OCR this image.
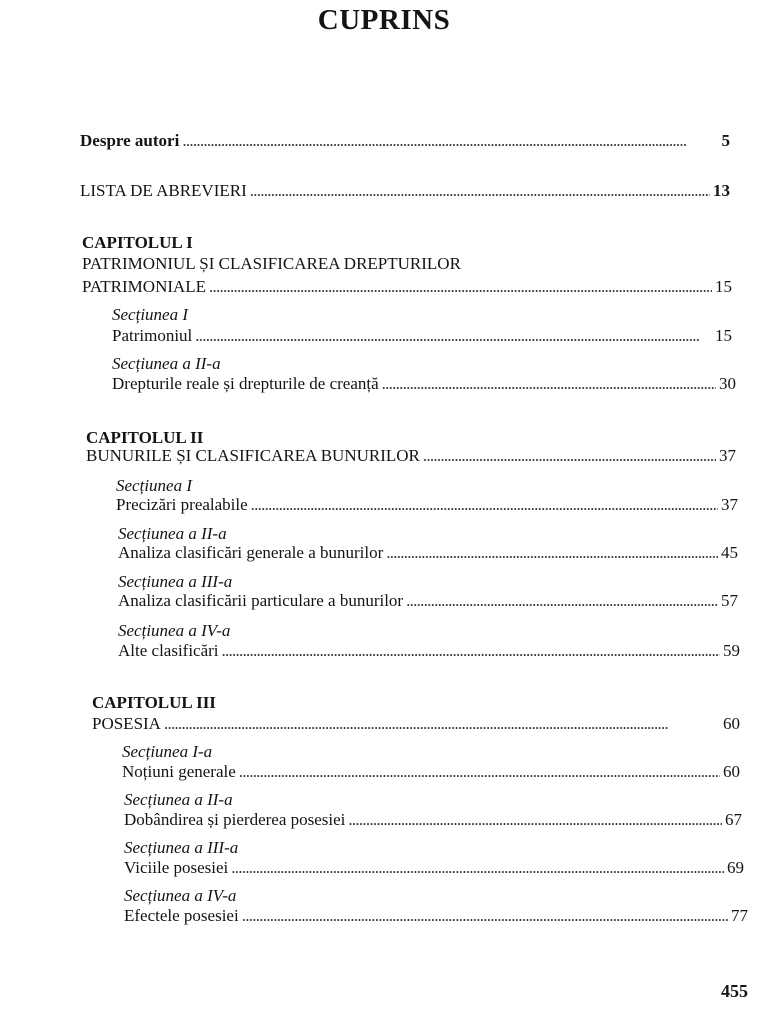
CUPRINS
Despre autori . . .	5
LISTA DE ABREVIERI . . .	13
CAPITOLUL I
PATRIMONIUL ȘI CLASIFICAREA DREPTURILOR
PATRIMONIALE . . .	15
Secțiunea I
Patrimoniul . . .	15
Secțiunea a II-a
Drepturile reale și drepturile de creanță . . .	30
CAPITOLUL II
BUNURILE ȘI CLASIFICAREA BUNURILOR . . .	37
Secțiunea I
Precizări prealabile . . .	37
Secțiunea a II-a
Analiza clasificări generale a bunurilor . . .	45
Secțiunea a III-a
Analiza clasificării particulare a bunurilor . . .	57
Secțiunea a IV-a
Alte clasificări . . .	59
CAPITOLUL III
POSESIA . . .	60
Secțiunea I-a
Noțiuni generale . . .	60
Secțiunea a II-a
Dobândirea și pierderea posesiei . . .	67
Secțiunea a III-a
Viciile posesiei . . .	69
Secțiunea a IV-a
Efectele posesiei . . .	77
455
